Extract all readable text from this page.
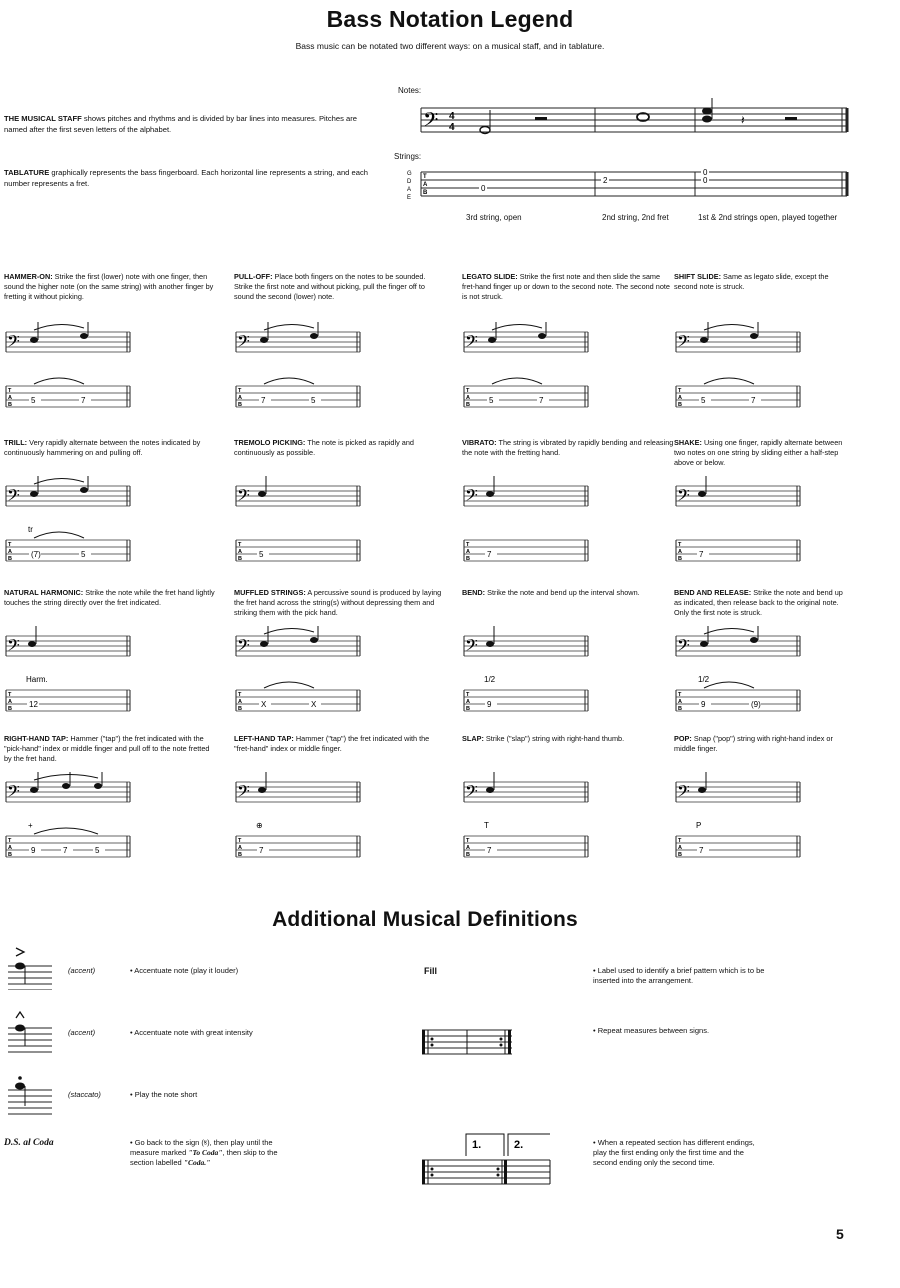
Bass Notation Legend
Bass music can be notated two different ways: on a musical staff, and in tablature.
THE MUSICAL STAFF shows pitches and rhythms and is divided by bar lines into measures. Pitches are named after the first seven letters of the alphabet.
TABLATURE graphically represents the bass fingerboard. Each horizontal line represents a string, and each number represents a fret.
Notes:
Strings:
𝄢 4
4
𝄽
G
D
A
E
0
2
0
0
T
A
B
3rd string, open	2nd string, 2nd fret	1st & 2nd strings open, played together
HAMMER-ON: Strike the first (lower) note with one finger, then sound the higher note (on the same string) with another finger by fretting it without picking.
𝄢
T
A
B 5	7
PULL-OFF: Place both fingers on the notes to be sounded. Strike the first note and without picking, pull the finger off to sound the second (lower) note.
𝄢
T
A
B 7	5
LEGATO SLIDE: Strike the first note and then slide the same fret-hand finger up or down to the second note. The second note is not struck.
𝄢
T
A
B 5	7
SHIFT SLIDE: Same as legato slide, except the second note is struck.
𝄢
T
A
B 5	7
TRILL: Very rapidly alternate between the notes indicated by continuously hammering on and pulling off.
𝄢
T
A
B (7)	5
tr
TREMOLO PICKING: The note is picked as rapidly and continuously as possible.
𝄢
T
A
B 5
VIBRATO: The string is vibrated by rapidly bending and releasing the note with the fretting hand.
𝄢
T
A
B 7
SHAKE: Using one finger, rapidly alternate between two notes on one string by sliding either a half-step above or below.
𝄢
T
A
B 7
NATURAL HARMONIC: Strike the note while the fret hand lightly touches the string directly over the fret indicated.
𝄢
T
A
B 12
Harm.
MUFFLED STRINGS: A percussive sound is produced by laying the fret hand across the string(s) without depressing them and striking them with the pick hand.
𝄢
T
A
B X	X
BEND: Strike the note and bend up the interval shown.
𝄢
T
A
B 9
1/2
BEND AND RELEASE: Strike the note and bend up as indicated, then release back to the original note. Only the first note is struck.
𝄢
T
A
B 9	(9)
1/2
RIGHT-HAND TAP: Hammer ("tap") the fret indicated with the "pick-hand" index or middle finger and pull off to the note fretted by the fret hand.
𝄢
T
A
B 9	7	5
+
LEFT-HAND TAP: Hammer ("tap") the fret indicated with the "fret-hand" index or middle finger.
𝄢
T
A
B 7
⊕
SLAP: Strike ("slap") string with right-hand thumb.
𝄢
T
A
B 7
T
POP: Snap ("pop") string with right-hand index or middle finger.
𝄢
T
A
B 7
P
Additional Musical Definitions
(accent)	• Accentuate note (play it louder)
(accent)	• Accentuate note with great intensity
(staccato)	• Play the note short
D.S. al Coda	• Go back to the sign (𝄋), then play until the measure marked "To Coda", then skip to the section labelled "Coda."
Fill	• Label used to identify a brief pattern which is to be inserted into the arrangement.
• Repeat measures between signs.
1.	2.	• When a repeated section has different endings, play the first ending only the first time and the second ending only the second time.
5
